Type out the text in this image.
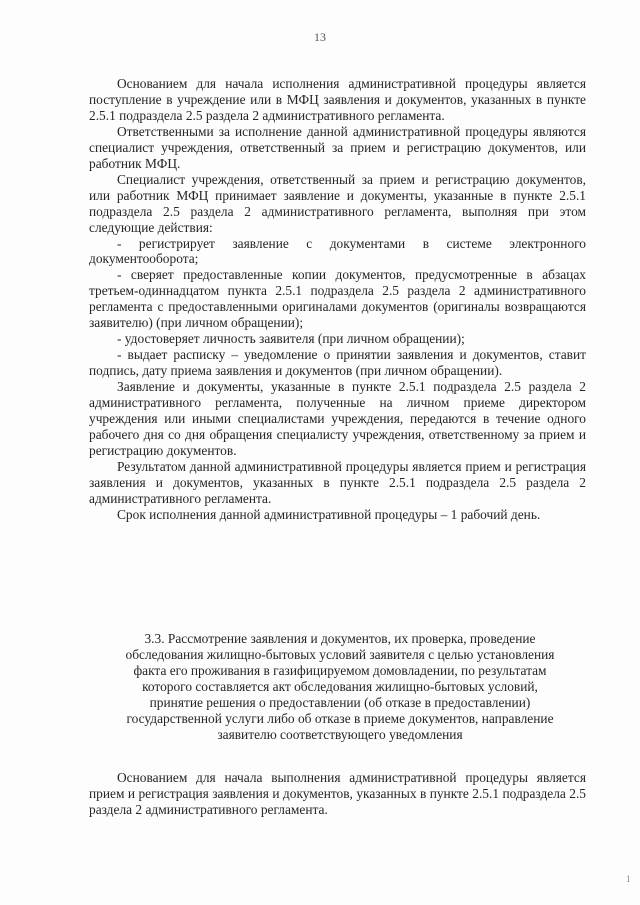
13

Основанием для начала исполнения административной процедуры является поступление в учреждение или в МФЦ заявления и документов, указанных в пункте 2.5.1 подраздела 2.5 раздела 2 административного регламента.

Ответственными за исполнение данной административной процедуры являются специалист учреждения, ответственный за прием и регистрацию документов, или работник МФЦ.

Специалист учреждения, ответственный за прием и регистрацию документов, или работник МФЦ принимает заявление и документы, указанные в пункте 2.5.1 подраздела 2.5 раздела 2 административного регламента, выполняя при этом следующие действия:

- регистрирует заявление с документами в системе электронного документооборота;

- сверяет предоставленные копии документов, предусмотренные в абзацах третьем-одиннадцатом пункта 2.5.1 подраздела 2.5 раздела 2 административного регламента с предоставленными оригиналами документов (оригиналы возвращаются заявителю) (при личном обращении);

- удостоверяет личность заявителя (при личном обращении);

- выдает расписку – уведомление о принятии заявления и документов, ставит подпись, дату приема заявления и документов (при личном обращении).

Заявление и документы, указанные в пункте 2.5.1 подраздела 2.5 раздела 2 административного регламента, полученные на личном приеме директором учреждения или иными специалистами учреждения, передаются в течение одного рабочего дня со дня обращения специалисту учреждения, ответственному за прием и регистрацию документов.

Результатом данной административной процедуры является прием и регистрация заявления и документов, указанных в пункте 2.5.1 подраздела 2.5 раздела 2 административного регламента.

Срок исполнения данной административной процедуры – 1 рабочий день.

3.3. Рассмотрение заявления и документов, их проверка, проведение
обследования жилищно-бытовых условий заявителя с целью установления
факта его проживания в газифицируемом домовладении, по результатам
которого составляется акт обследования жилищно-бытовых условий,
принятие решения о предоставлении (об отказе в предоставлении)
государственной услуги либо об отказе в приеме документов, направление
заявителю соответствующего уведомления

Основанием для начала выполнения административной процедуры является прием и регистрация заявления и документов, указанных в пункте 2.5.1 подраздела 2.5 раздела 2 административного регламента.

1
